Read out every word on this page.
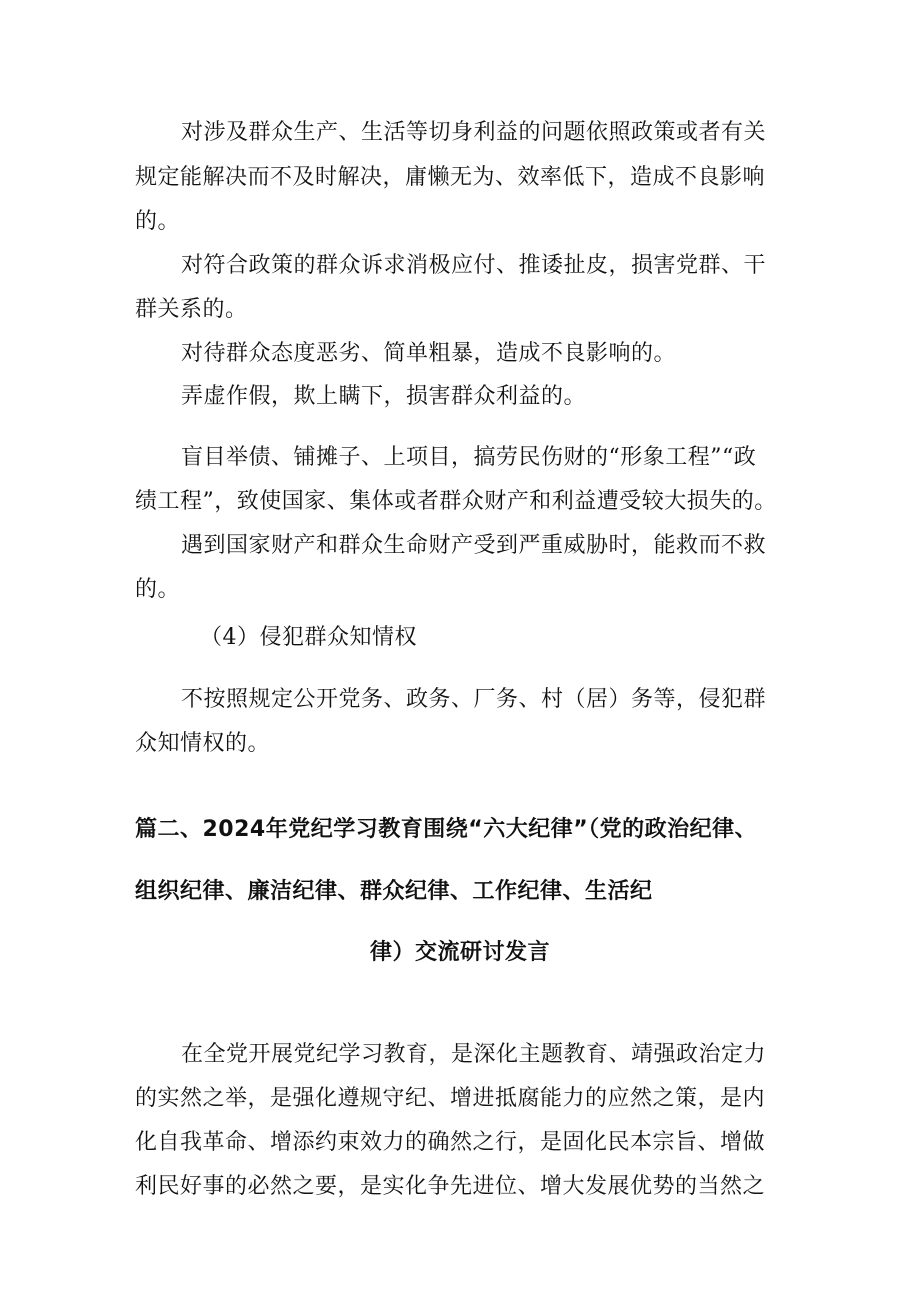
对涉及群众生产、生活等切身利益的问题依照政策或者有关
规定能解决而不及时解决，庸懒无为、效率低下，造成不良影响
的。
对符合政策的群众诉求消极应付、推诿扯皮，损害党群、干
群关系的。
对待群众态度恶劣、简单粗暴，造成不良影响的。
弄虚作假，欺上瞒下，损害群众利益的。
盲目举债、铺摊子、上项目，搞劳民伤财的“形象工程”“政
绩工程”，致使国家、集体或者群众财产和利益遭受较大损失的。
遇到国家财产和群众生命财产受到严重威胁时，能救而不救
的。
（4）侵犯群众知情权
不按照规定公开党务、政务、厂务、村（居）务等，侵犯群
众知情权的。
篇二、2024年党纪学习教育围绕“六大纪律”（党的政治纪律、
组织纪律、廉洁纪律、群众纪律、工作纪律、生活纪
律）交流研讨发言
在全党开展党纪学习教育，是深化主题教育、靖强政治定力
的实然之举，是强化遵规守纪、增进抵腐能力的应然之策，是内
化自我革命、增添约束效力的确然之行，是固化民本宗旨、增做
利民好事的必然之要，是实化争先进位、增大发展优势的当然之
